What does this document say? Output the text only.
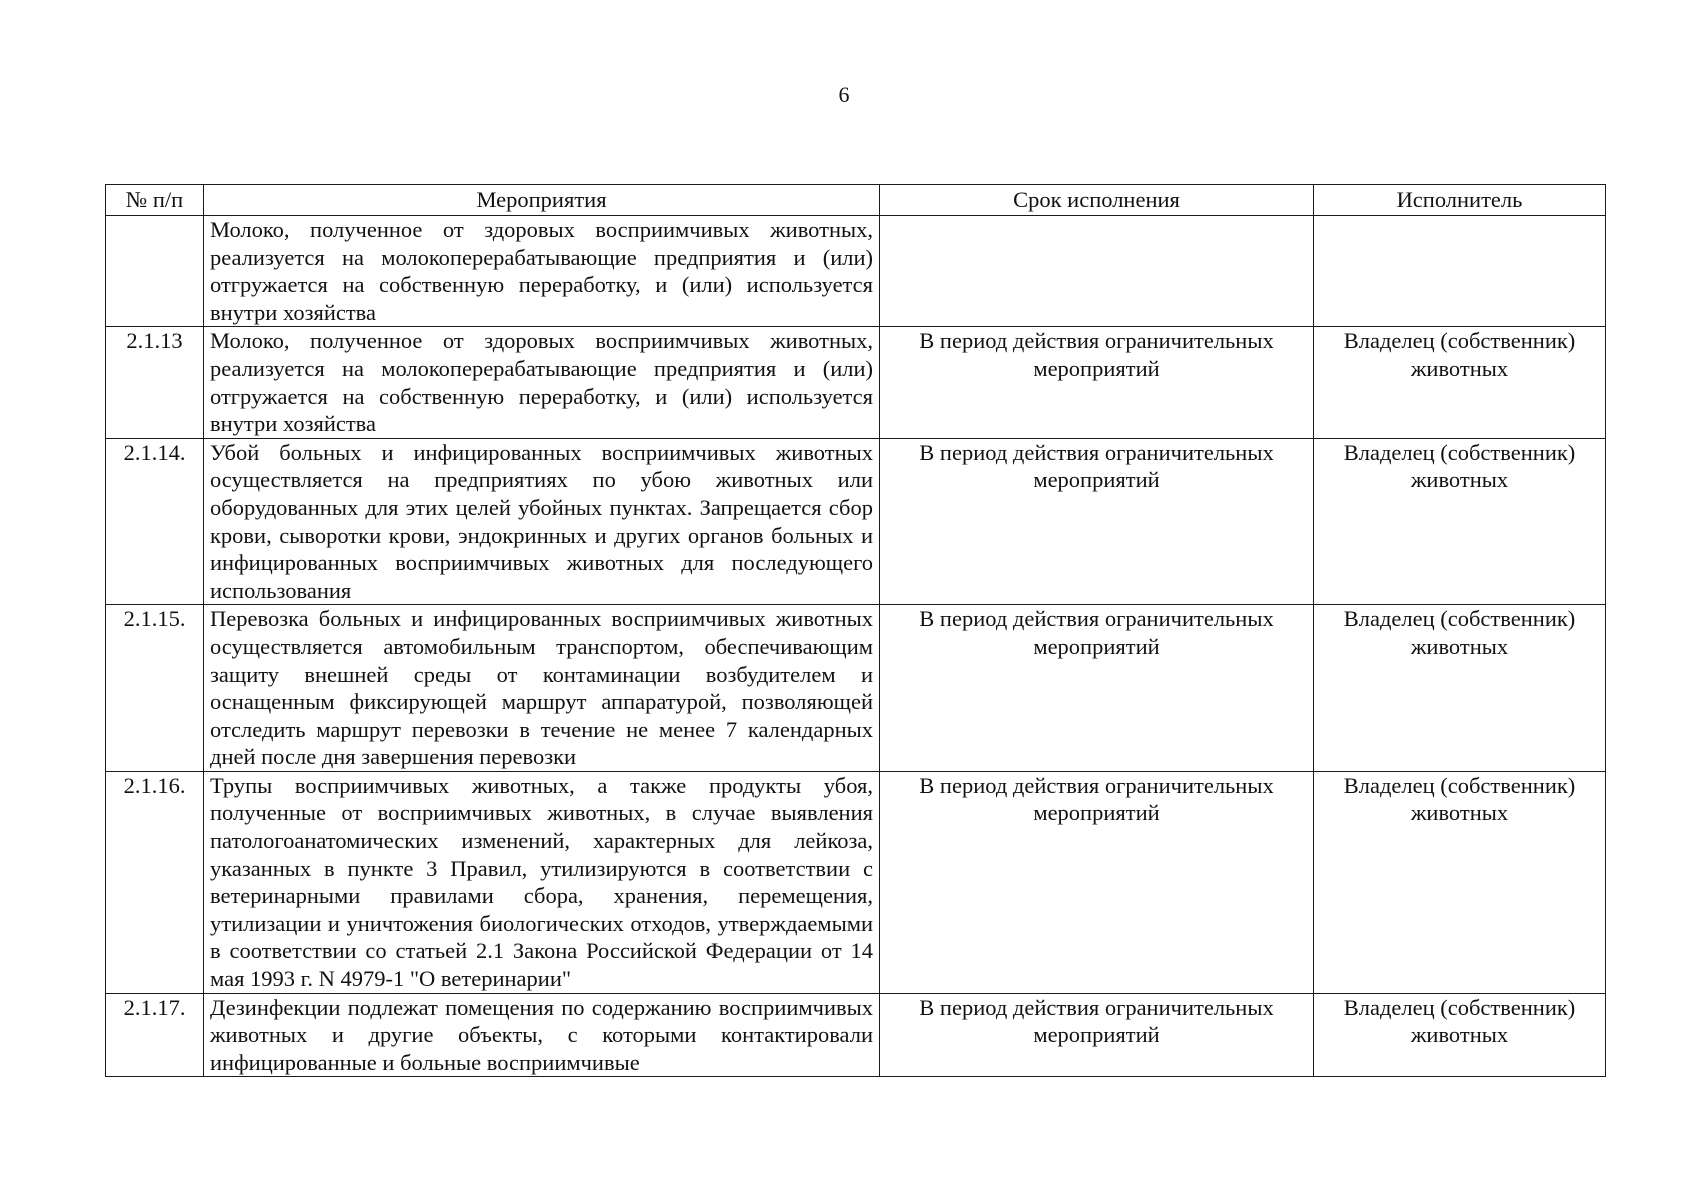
6
№ п/п	Мероприятия	Срок исполнения	Исполнитель
	Молоко, полученное от здоровых восприимчивых животных, реализуется на молокоперерабатывающие предприятия и (или) отгружается на собственную переработку, и (или) используется внутри хозяйства		
2.1.13	Молоко, полученное от здоровых восприимчивых животных, реализуется на молокоперерабатывающие предприятия и (или) отгружается на собственную переработку, и (или) используется внутри хозяйства	В период действия ограничительных мероприятий	Владелец (собственник) животных
2.1.14.	Убой больных и инфицированных восприимчивых животных осуществляется на предприятиях по убою животных или оборудованных для этих целей убойных пунктах. Запрещается сбор крови, сыворотки крови, эндокринных и других органов больных и инфицированных восприимчивых животных для последующего использования	В период действия ограничительных мероприятий	Владелец (собственник) животных
2.1.15.	Перевозка больных и инфицированных восприимчивых животных осуществляется автомобильным транспортом, обеспечивающим защиту внешней среды от контаминации возбудителем и оснащенным фиксирующей маршрут аппаратурой, позволяющей отследить маршрут перевозки в течение не менее 7 календарных дней после дня завершения перевозки	В период действия ограничительных мероприятий	Владелец (собственник) животных
2.1.16.	Трупы восприимчивых животных, а также продукты убоя, полученные от восприимчивых животных, в случае выявления патологоанатомических изменений, характерных для лейкоза, указанных в пункте 3 Правил, утилизируются в соответствии с ветеринарными правилами сбора, хранения, перемещения, утилизации и уничтожения биологических отходов, утверждаемыми в соответствии со статьей 2.1 Закона Российской Федерации от 14 мая 1993 г. N 4979-1 "О ветеринарии"	В период действия ограничительных мероприятий	Владелец (собственник) животных
2.1.17.	Дезинфекции подлежат помещения по содержанию восприимчивых животных и другие объекты, с которыми контактировали инфицированные и больные восприимчивые	В период действия ограничительных мероприятий	Владелец (собственник) животных
